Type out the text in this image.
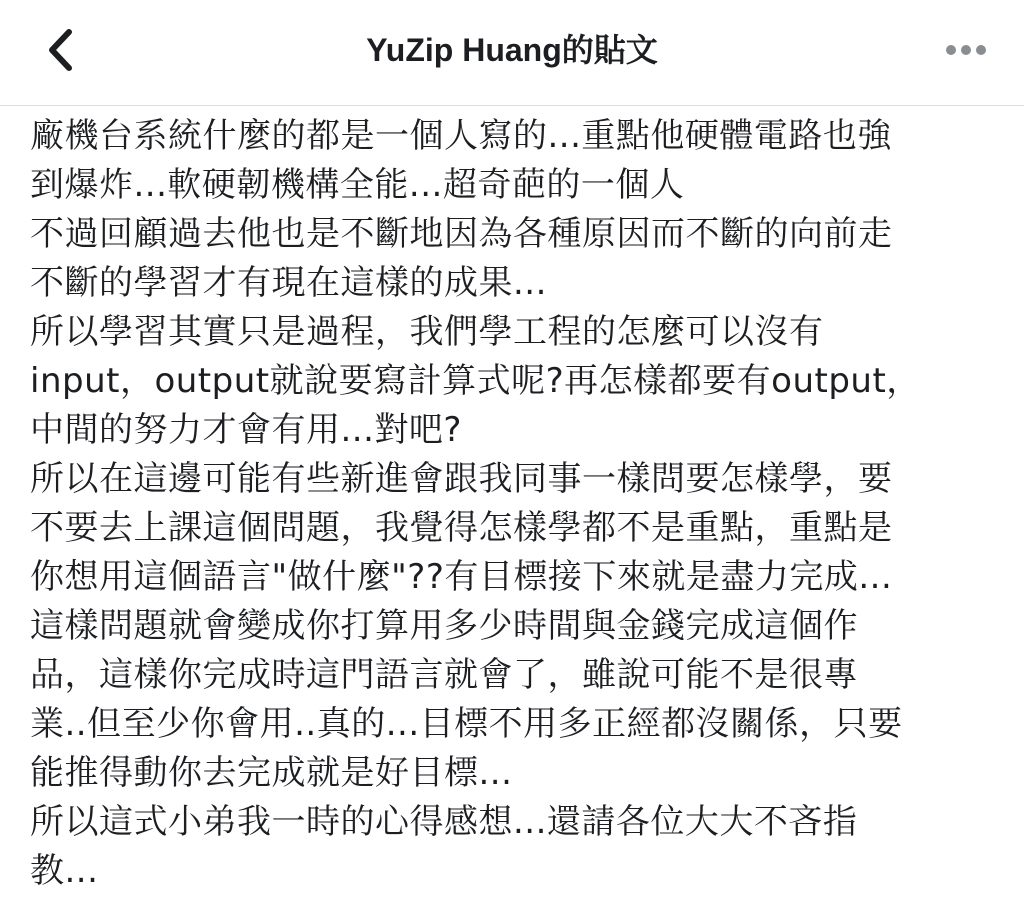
YuZip Huang的貼文
廠機台系統什麼的都是一個人寫的...重點他硬體電路也強
到爆炸...軟硬韌機構全能...超奇葩的一個人
不過回顧過去他也是不斷地因為各種原因而不斷的向前走
不斷的學習才有現在這樣的成果...
所以學習其實只是過程，我們學工程的怎麼可以沒有
input，output就說要寫計算式呢?再怎樣都要有output，
中間的努力才會有用...對吧?
所以在這邊可能有些新進會跟我同事一樣問要怎樣學，要
不要去上課這個問題，我覺得怎樣學都不是重點，重點是
你想用這個語言"做什麼"??有目標接下來就是盡力完成...
這樣問題就會變成你打算用多少時間與金錢完成這個作
品，這樣你完成時這門語言就會了，雖說可能不是很專
業..但至少你會用..真的...目標不用多正經都沒關係，只要
能推得動你去完成就是好目標...
所以這式小弟我一時的心得感想...還請各位大大不吝指
教...
